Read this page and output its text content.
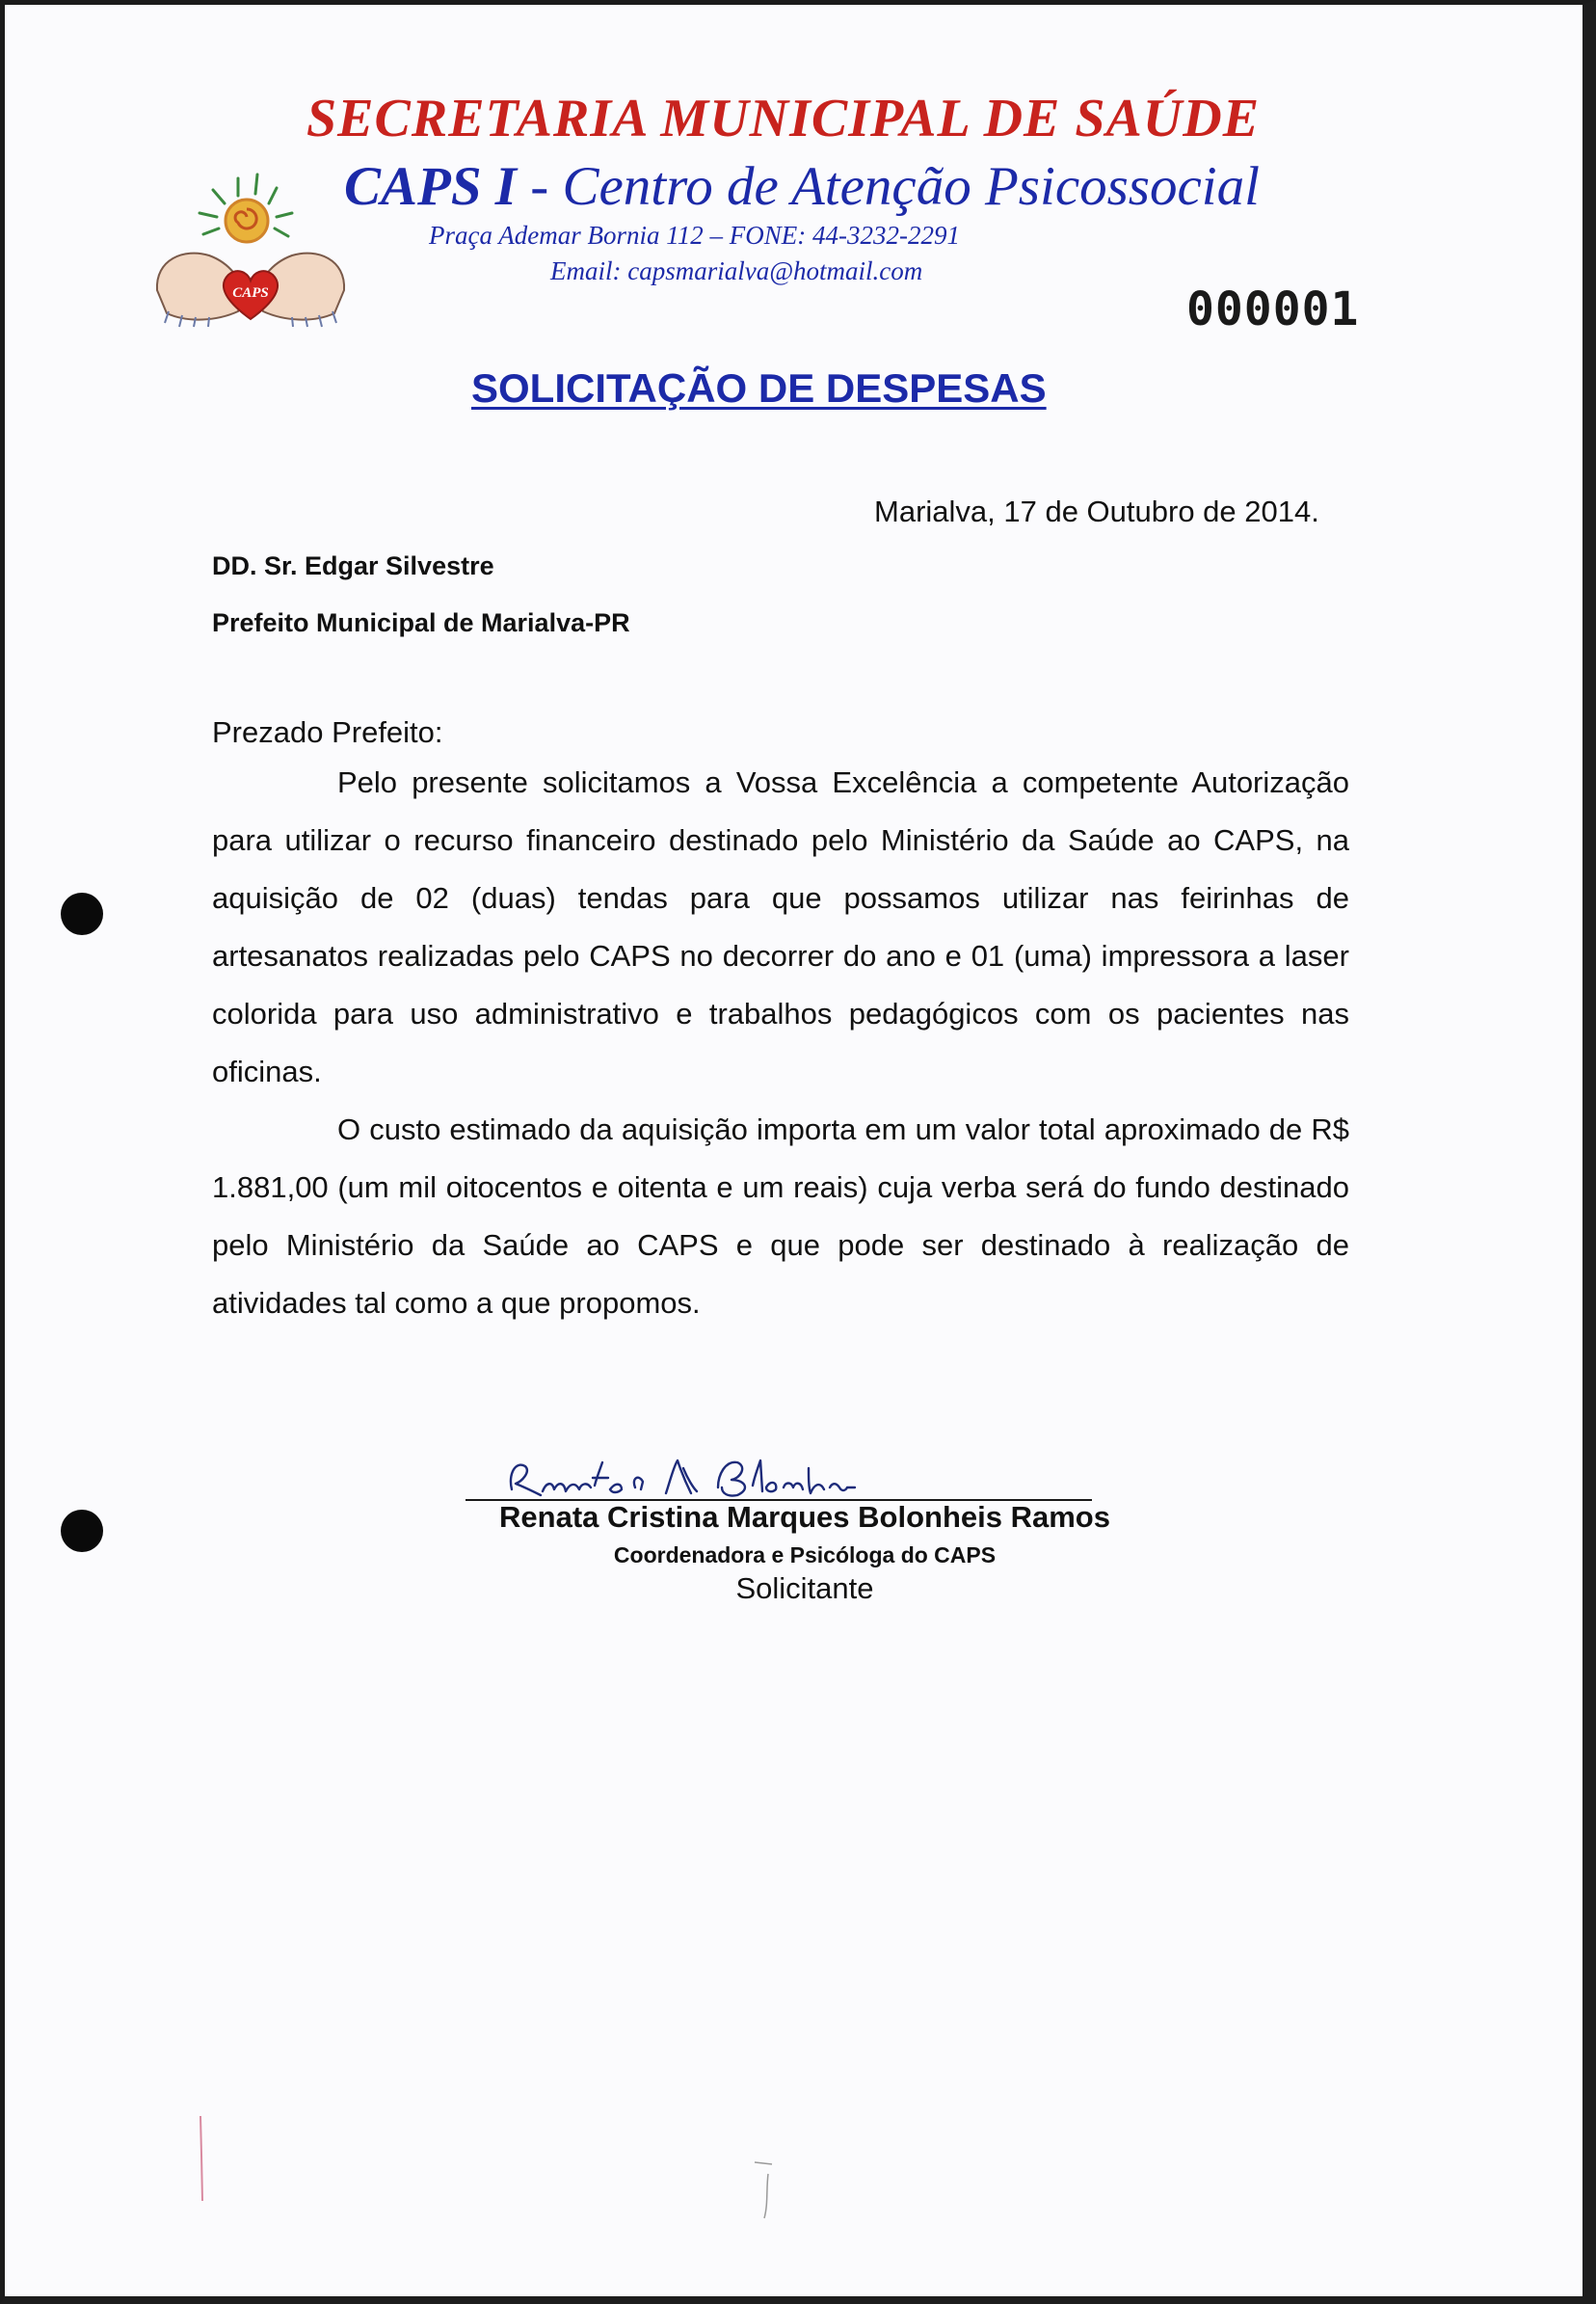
SECRETARIA MUNICIPAL DE SAÚDE
CAPS I - Centro de Atenção Psicossocial
Praça Ademar Bornia 112 – FONE: 44-3232-2291
Email: capsmarialva@hotmail.com
CAPS	000001
SOLICITAÇÃO DE DESPESAS
Marialva, 17 de Outubro de 2014.
DD. Sr. Edgar Silvestre
Prefeito Municipal de Marialva-PR
Prezado Prefeito:

Pelo presente solicitamos a Vossa Excelência a competente Autorização para utilizar o recurso financeiro destinado pelo Ministério da Saúde ao CAPS, na aquisição de 02 (duas) tendas para que possamos utilizar nas feirinhas de artesanatos realizadas pelo CAPS no decorrer do ano e 01 (uma) impressora a laser colorida para uso administrativo e trabalhos pedagógicos com os pacientes nas oficinas.

O custo estimado da aquisição importa em um valor total aproximado de R$ 1.881,00 (um mil oitocentos e oitenta e um reais) cuja verba será do fundo destinado pelo Ministério da Saúde ao CAPS e que pode ser destinado à realização de atividades tal como a que propomos.

Renata Cristina Marques Bolonheis Ramos
Coordenadora e Psicóloga do CAPS
Solicitante
